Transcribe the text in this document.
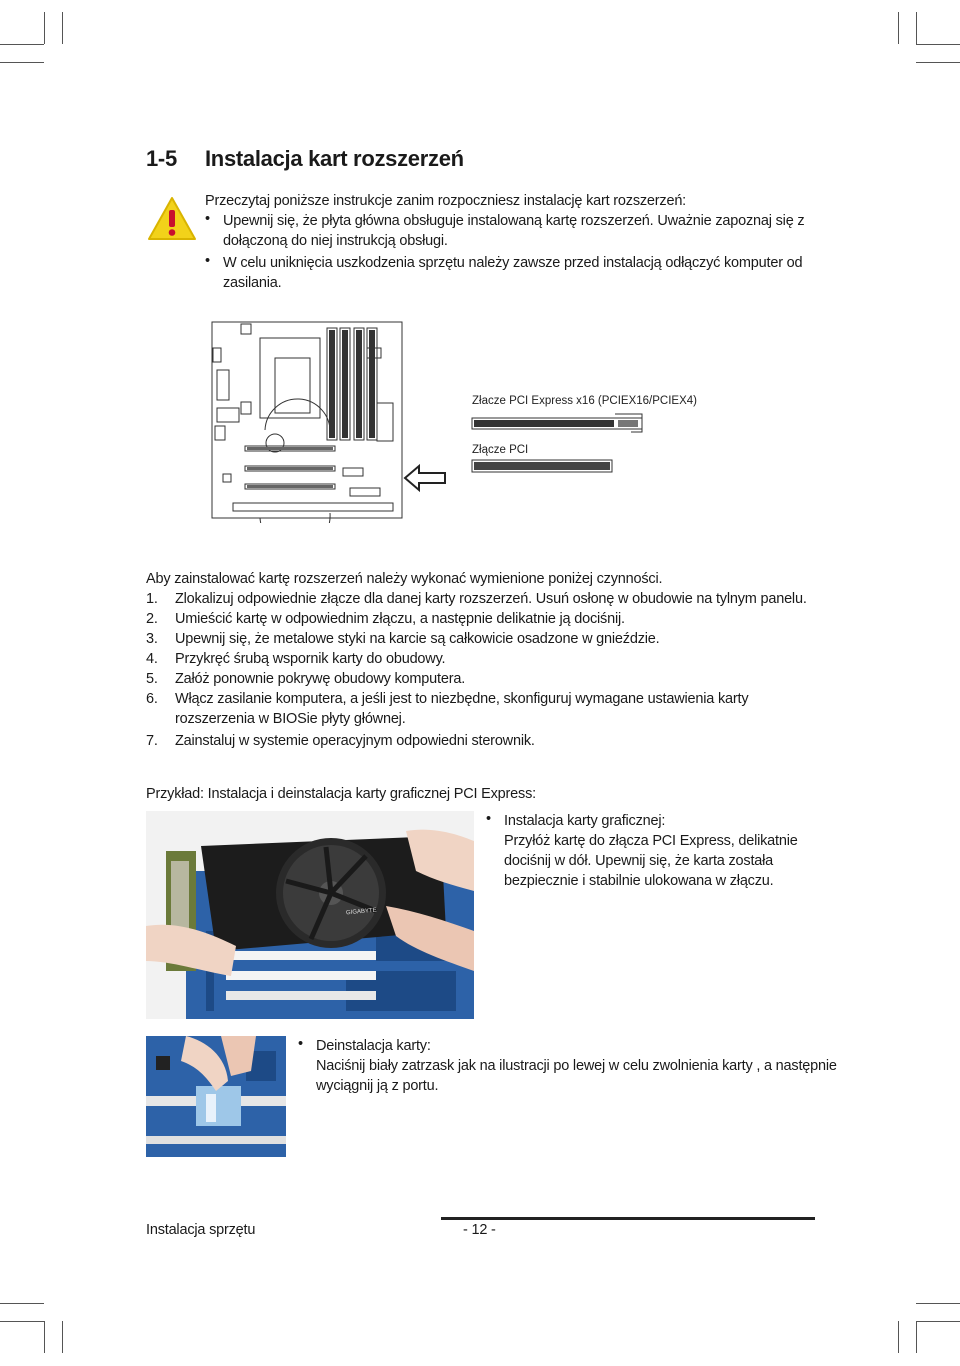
1-5 Instalacja kart rozszerzeń
Przeczytaj poniższe instrukcje zanim rozpoczniesz instalację kart rozszerzeń:
• Upewnij się, że płyta główna obsługuje instalowaną kartę rozszerzeń. Uważnie zapoznaj się z
dołączoną do niej instrukcją obsługi.
• W celu uniknięcia uszkodzenia sprzętu należy zawsze przed instalacją odłączyć komputer od
zasilania.
Złacze PCI Express x16 (PCIEX16/PCIEX4)
Złącze PCI
Aby zainstalować kartę rozszerzeń należy wykonać wymienione poniżej czynności.
1. Zlokalizuj odpowiednie złącze dla danej karty rozszerzeń. Usuń osłonę w obudowie na tylnym panelu.
2. Umieścić kartę w odpowiednim złączu, a następnie delikatnie ją dociśnij.
3. Upewnij się, że metalowe styki na karcie są całkowicie osadzone w gnieździe.
4. Przykręć śrubą wspornik karty do obudowy.
5. Załóż ponownie pokrywę obudowy komputera.
6. Włącz zasilanie komputera, a jeśli jest to niezbędne, skonfiguruj wymagane ustawienia karty
rozszerzenia w BIOSie płyty głównej.
7. Zainstaluj w systemie operacyjnym odpowiedni sterownik.
Przykład: Instalacja i deinstalacja karty graficznej PCI Express:
GIGABYTE
• Instalacja karty graficznej:
Przyłóż kartę do złącza PCI Express, delikatnie
dociśnij w dół. Upewnij się, że karta została
bezpiecznie i stabilnie ulokowana w złączu.
• Deinstalacja karty:
Naciśnij biały zatrzask jak na ilustracji po lewej w celu zwolnienia karty , a następnie
wyciągnij ją z portu.
Instalacja sprzętu	- 12 -
